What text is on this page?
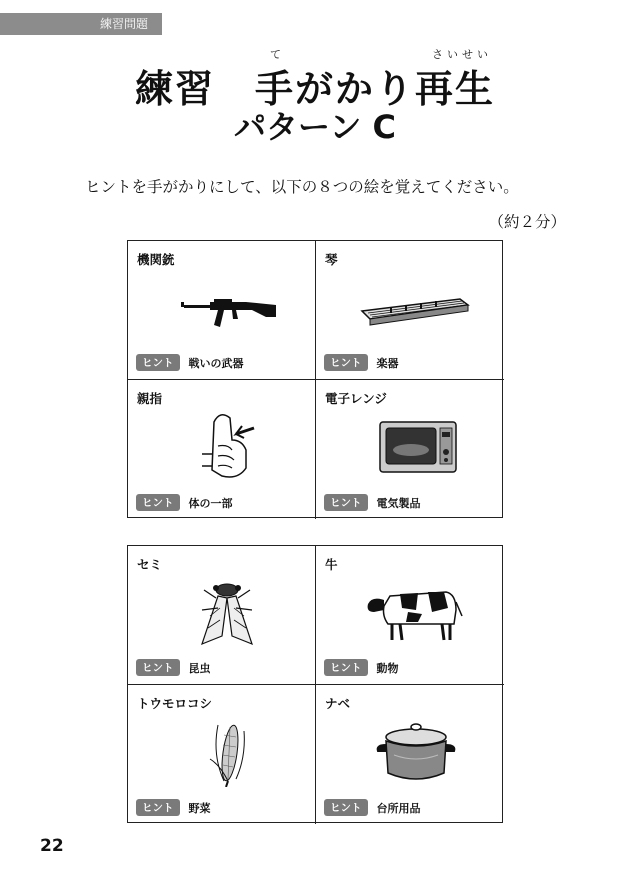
練習問題
て	さいせい
練習 手がかり再生
パターン C
ヒントを手がかりにして、以下の８つの絵を覚えてください。
（約２分）
機関銃
ヒント	戦いの武器
琴
ヒント	楽器
親指
ヒント	体の一部
電子レンジ
ヒント	電気製品
セミ
ヒント	昆虫
牛
ヒント	動物
トウモロコシ
ヒント	野菜
ナベ
ヒント	台所用品
22
